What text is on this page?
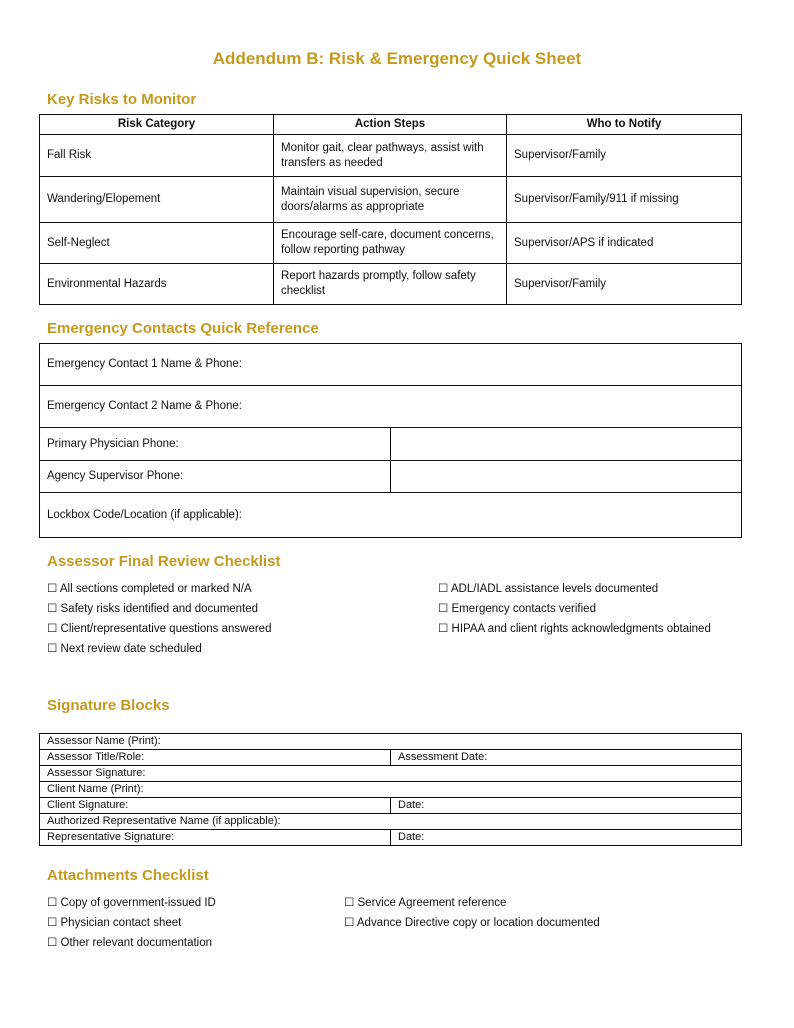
Addendum B: Risk & Emergency Quick Sheet
Key Risks to Monitor
Risk Category	Action Steps	Who to Notify
Fall Risk	Monitor gait, clear pathways, assist with transfers as needed	Supervisor/Family
Wandering/Elopement	Maintain visual supervision, secure doors/alarms as appropriate	Supervisor/Family/911 if missing
Self-Neglect	Encourage self-care, document concerns, follow reporting pathway	Supervisor/APS if indicated
Environmental Hazards	Report hazards promptly, follow safety checklist	Supervisor/Family
Emergency Contacts Quick Reference
Emergency Contact 1 Name & Phone:	
Emergency Contact 2 Name & Phone:	
Primary Physician Phone:	
Agency Supervisor Phone:	
Lockbox Code/Location (if applicable):	
Assessor Final Review Checklist
☐ All sections completed or marked N/A
☐ Safety risks identified and documented
☐ Client/representative questions answered
☐ Next review date scheduled
☐ ADL/IADL assistance levels documented
☐ Emergency contacts verified
☐ HIPAA and client rights acknowledgments obtained
Signature Blocks
Assessor Name (Print):	
Assessor Title/Role:	Assessment Date:
Assessor Signature:	
Client Name (Print):	
Client Signature:	Date:
Authorized Representative Name (if applicable):	
Representative Signature:	Date:
Attachments Checklist
☐ Copy of government-issued ID
☐ Physician contact sheet
☐ Other relevant documentation
☐ Service Agreement reference
☐ Advance Directive copy or location documented
